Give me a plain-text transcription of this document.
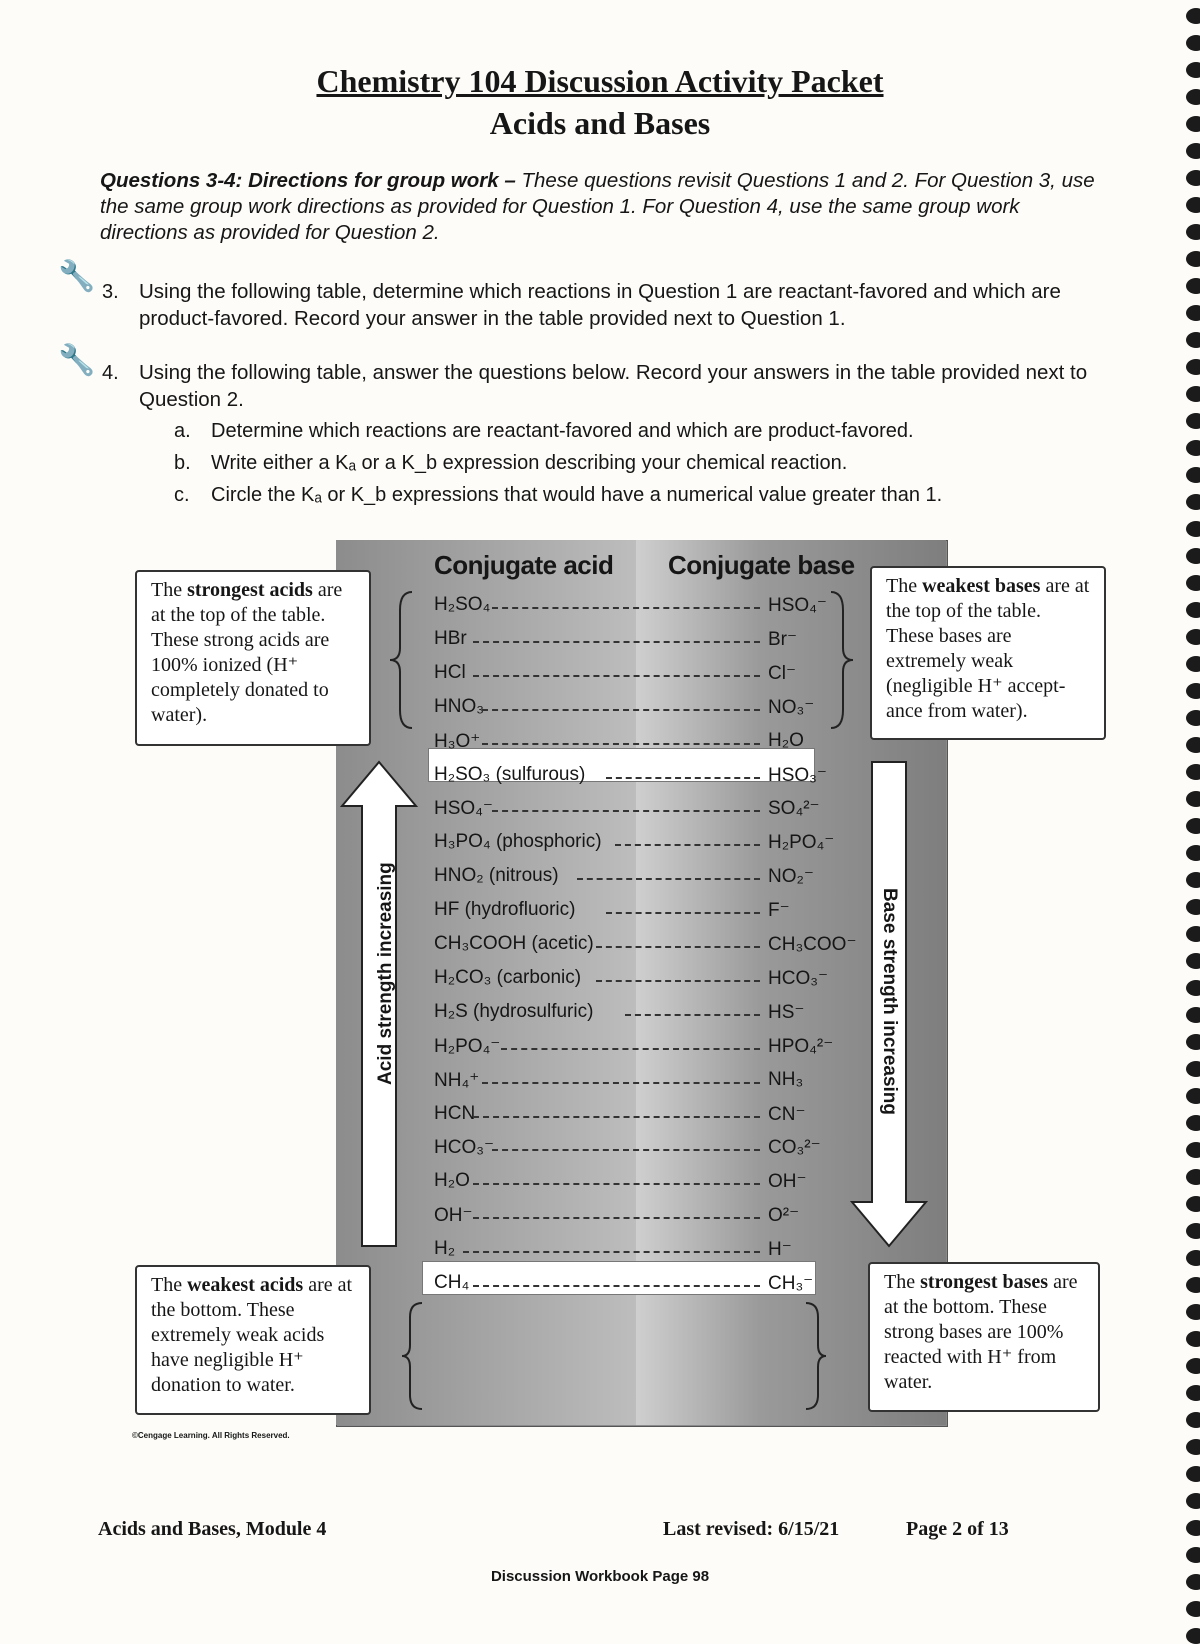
Chemistry 104 Discussion Activity Packet
Acids and Bases
Questions 3-4: Directions for group work – These questions revisit Questions 1 and 2. For Question 3, use the same group work directions as provided for Question 1. For Question 4, use the same group work directions as provided for Question 2.
🔧 3. Using the following table, determine which reactions in Question 1 are reactant-favored and which are product-favored. Record your answer in the table provided next to Question 1.
🔧 4. Using the following table, answer the questions below. Record your answers in the table provided next to Question 2.
a. Determine which reactions are reactant-favored and which are product-favored.
b. Write either a Kₐ or a K_b expression describing your chemical reaction.
c. Circle the Kₐ or K_b expressions that would have a numerical value greater than 1.
Conjugate acid Conjugate base
Acid strength increasing	Base strength increasing
H₂SO₄	HSO₄⁻
HBr	Br⁻
HCl	Cl⁻
HNO₃	NO₃⁻
H₃O⁺	H₂O
H₂SO₃ (sulfurous)	HSO₃⁻
HSO₄⁻	SO₄²⁻
H₃PO₄ (phosphoric)	H₂PO₄⁻
HNO₂ (nitrous)	NO₂⁻
HF (hydrofluoric)	F⁻
CH₃COOH (acetic)	CH₃COO⁻
H₂CO₃ (carbonic)	HCO₃⁻
H₂S (hydrosulfuric)	HS⁻
H₂PO₄⁻	HPO₄²⁻
NH₄⁺	NH₃
HCN	CN⁻
HCO₃⁻	CO₃²⁻
H₂O	OH⁻
OH⁻	O²⁻
H₂	H⁻
CH₄	CH₃⁻
The strongest acids are at the top of the table. These strong acids are 100% ionized (H⁺ completely donated to water).
The weakest bases are at the top of the table. These bases are extremely weak (negligible H⁺ accept-ance from water).
The weakest acids are at the bottom. These extremely weak acids have negligible H⁺ donation to water.
The strongest bases are at the bottom. These strong bases are 100% reacted with H⁺ from water.
©Cengage Learning. All Rights Reserved.
Acids and Bases, Module 4	Last revised: 6/15/21	Page 2 of 13
Discussion Workbook Page 98
